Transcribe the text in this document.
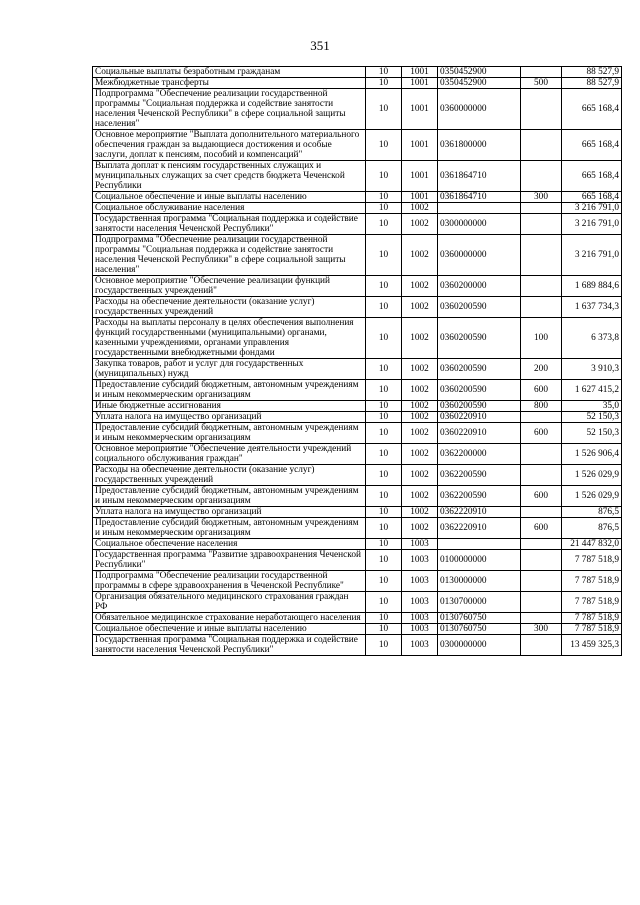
351
Социальные выплаты безработным гражданам	10	1001	0350452900		88 527,9
Межбюджетные трансферты	10	1001	0350452900	500	88 527,9
Подпрограмма "Обеспечение реализации государственной программы "Социальная поддержка и содействие занятости населения Чеченской Республики" в сфере социальной защиты населения"	10	1001	0360000000		665 168,4
Основное мероприятие "Выплата дополнительного материального обеспечения граждан за выдающиеся достижения и особые заслуги, доплат к пенсиям, пособий и компенсаций"	10	1001	0361800000		665 168,4
Выплата доплат к пенсиям государственных служащих и муниципальных служащих за счет средств бюджета Чеченской Республики	10	1001	0361864710		665 168,4
Социальное обеспечение и иные выплаты населению	10	1001	0361864710	300	665 168,4
Социальное обслуживание населения	10	1002			3 216 791,0
Государственная программа "Социальная поддержка и содействие занятости населения Чеченской Республики"	10	1002	0300000000		3 216 791,0
Подпрограмма "Обеспечение реализации государственной программы "Социальная поддержка и содействие занятости населения Чеченской Республики" в сфере социальной защиты населения"	10	1002	0360000000		3 216 791,0
Основное мероприятие "Обеспечение реализации функций государственных учреждений"	10	1002	0360200000		1 689 884,6
Расходы на обеспечение деятельности (оказание услуг) государственных учреждений	10	1002	0360200590		1 637 734,3
Расходы на выплаты персоналу в целях обеспечения выполнения функций государственными (муниципальными) органами, казенными учреждениями, органами управления государственными внебюджетными фондами	10	1002	0360200590	100	6 373,8
Закупка товаров, работ и услуг для государственных (муниципальных) нужд	10	1002	0360200590	200	3 910,3
Предоставление субсидий бюджетным, автономным учреждениям и иным некоммерческим организациям	10	1002	0360200590	600	1 627 415,2
Иные бюджетные ассигнования	10	1002	0360200590	800	35,0
Уплата налога на имущество организаций	10	1002	0360220910		52 150,3
Предоставление субсидий бюджетным, автономным учреждениям и иным некоммерческим организациям	10	1002	0360220910	600	52 150,3
Основное мероприятие "Обеспечение деятельности учреждений социального обслуживания граждан"	10	1002	0362200000		1 526 906,4
Расходы на обеспечение деятельности (оказание услуг) государственных учреждений	10	1002	0362200590		1 526 029,9
Предоставление субсидий бюджетным, автономным учреждениям и иным некоммерческим организациям	10	1002	0362200590	600	1 526 029,9
Уплата налога на имущество организаций	10	1002	0362220910		876,5
Предоставление субсидий бюджетным, автономным учреждениям и иным некоммерческим организациям	10	1002	0362220910	600	876,5
Социальное обеспечение населения	10	1003			21 447 832,0
Государственная программа "Развитие здравоохранения Чеченской Республики"	10	1003	0100000000		7 787 518,9
Подпрограмма "Обеспечение реализации государственной программы в сфере здравоохранения в Чеченской Республике"	10	1003	0130000000		7 787 518,9
Организация обязательного медицинского страхования граждан РФ	10	1003	0130700000		7 787 518,9
Обязательное медицинское страхование неработающего населения	10	1003	0130760750		7 787 518,9
Социальное обеспечение и иные выплаты населению	10	1003	0130760750	300	7 787 518,9
Государственная программа "Социальная поддержка и содействие занятости населения Чеченской Республики"	10	1003	0300000000		13 459 325,3
